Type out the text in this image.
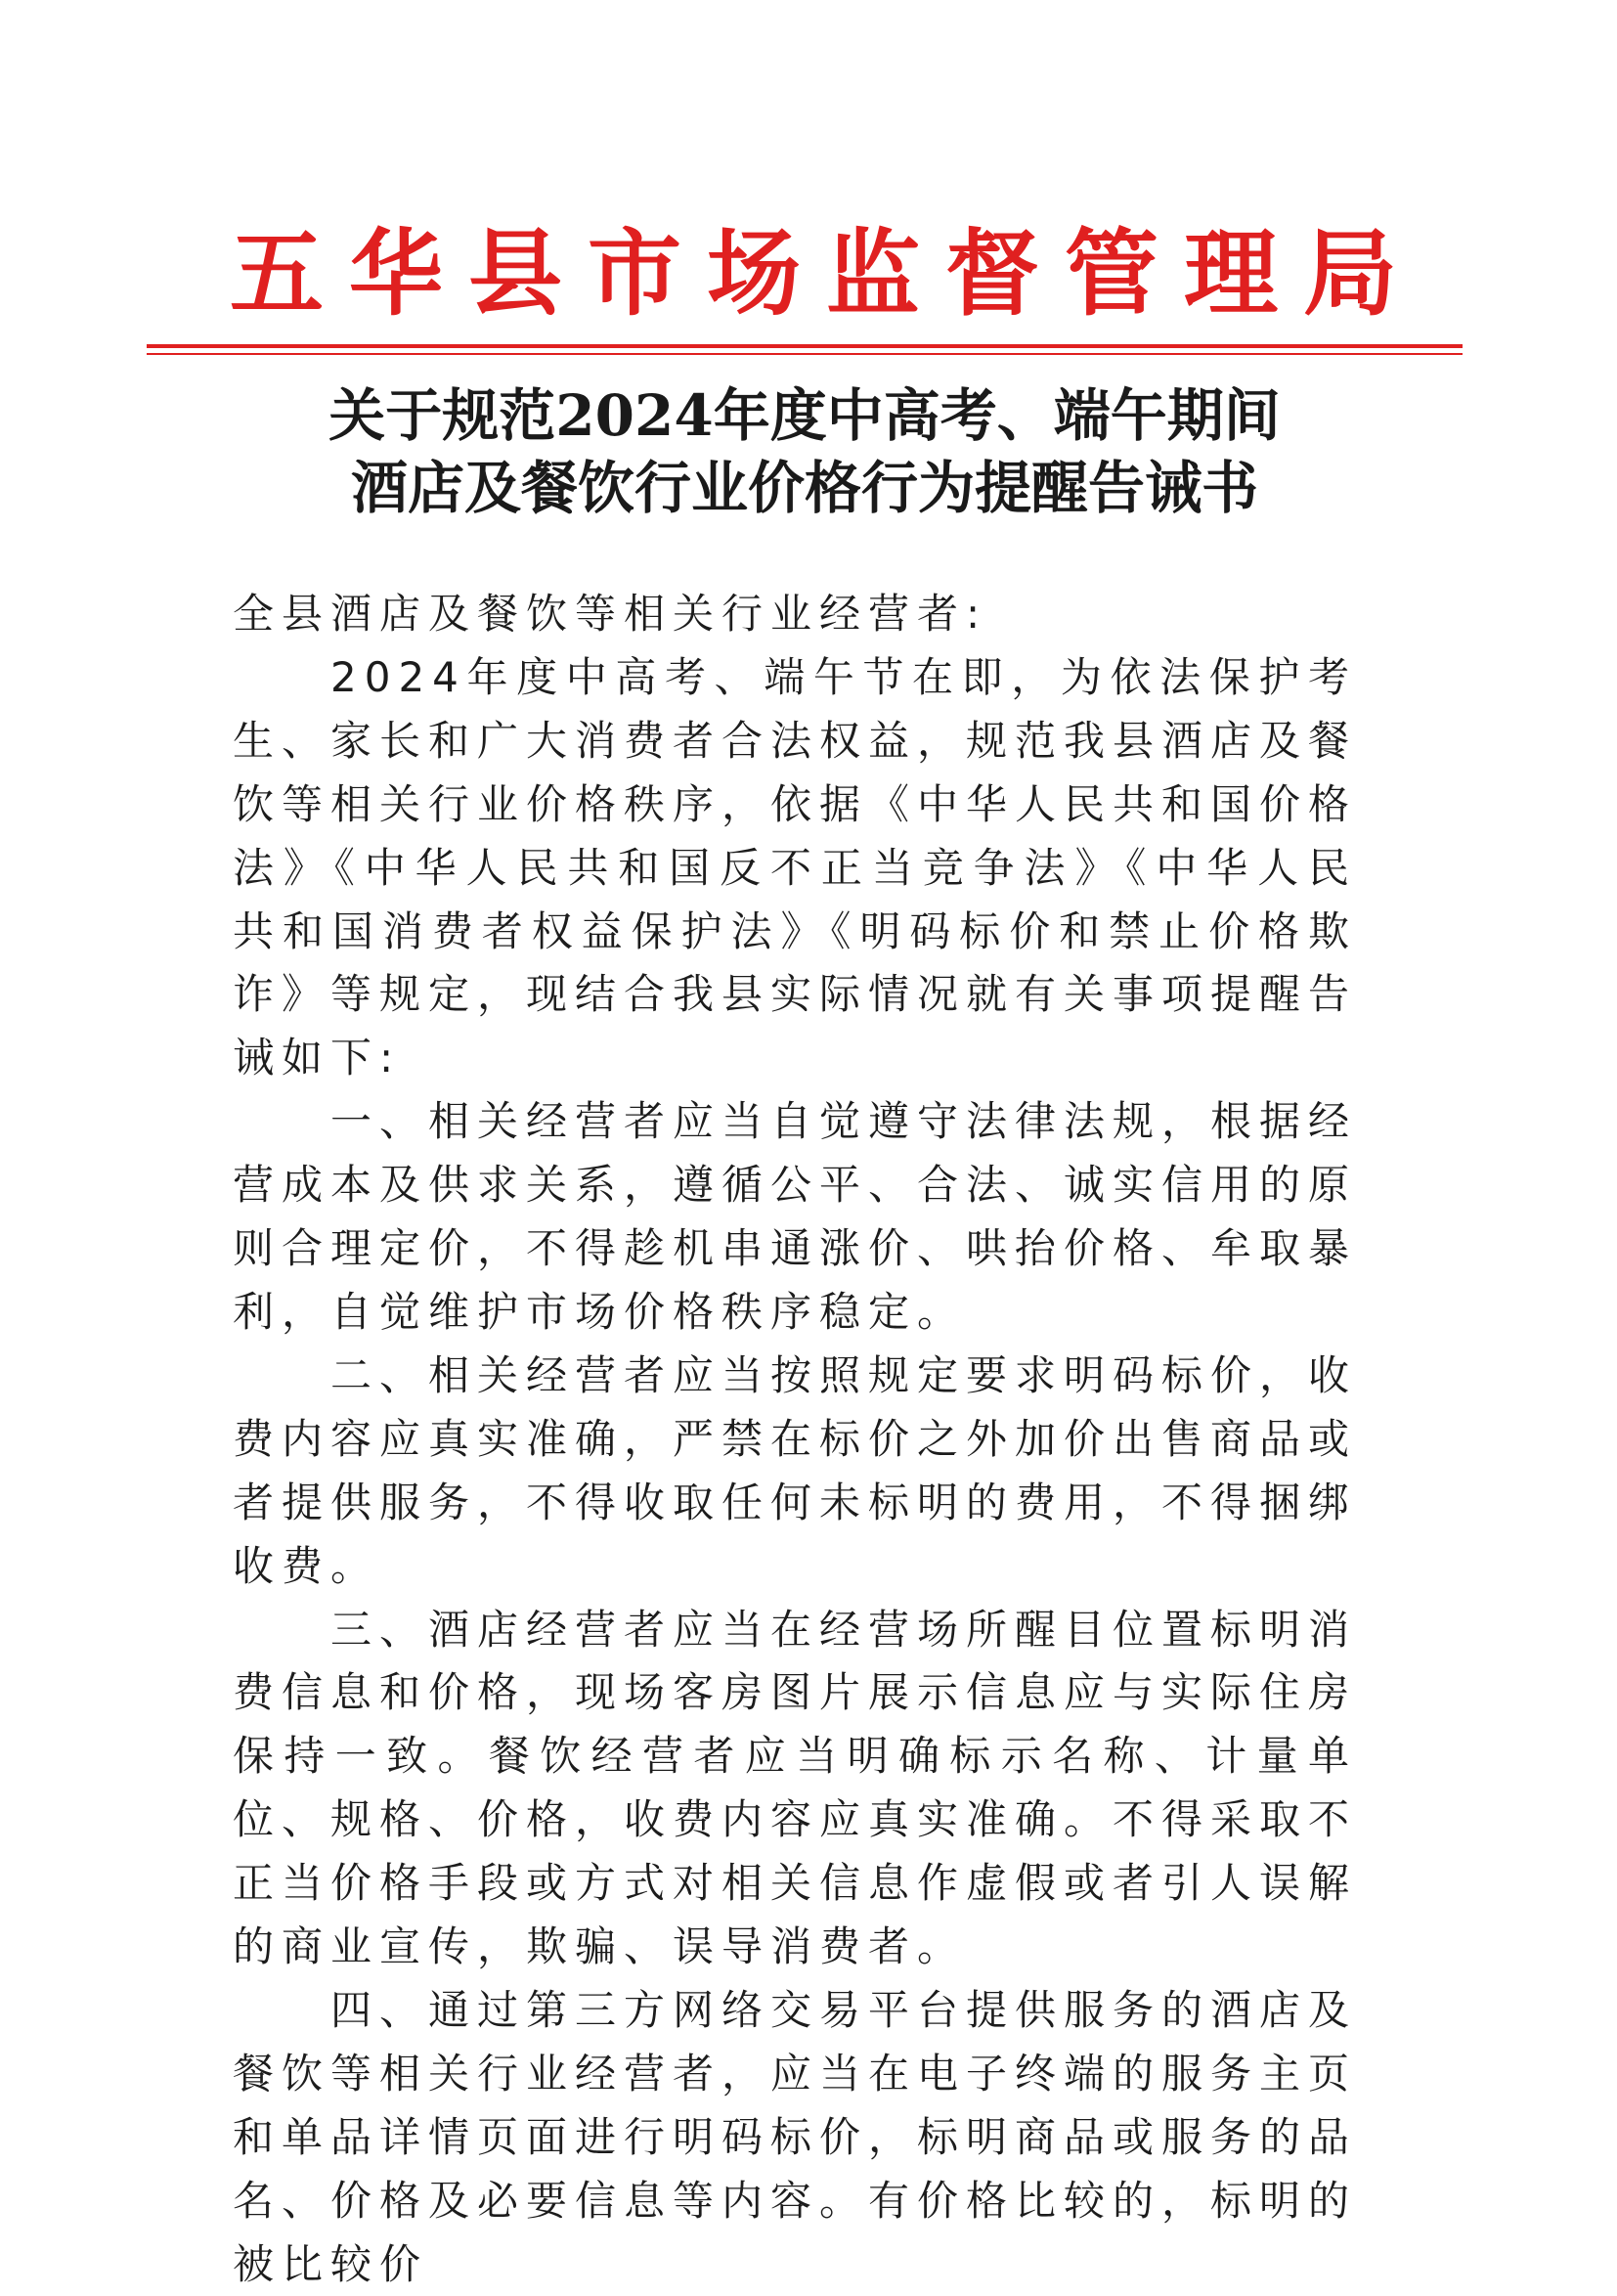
五华县市场监督管理局
关于规范2024年度中高考、端午期间
酒店及餐饮行业价格行为提醒告诫书

全县酒店及餐饮等相关行业经营者:

2024年度中高考、端午节在即，为依法保护考生、家长和广大消费者合法权益，规范我县酒店及餐饮等相关行业价格秩序，依据《中华人民共和国价格法》《中华人民共和国反不正当竞争法》《中华人民共和国消费者权益保护法》《明码标价和禁止价格欺诈》等规定，现结合我县实际情况就有关事项提醒告诫如下:

一、相关经营者应当自觉遵守法律法规，根据经营成本及供求关系，遵循公平、合法、诚实信用的原则合理定价，不得趁机串通涨价、哄抬价格、牟取暴利，自觉维护市场价格秩序稳定。

二、相关经营者应当按照规定要求明码标价，收费内容应真实准确，严禁在标价之外加价出售商品或者提供服务，不得收取任何未标明的费用，不得捆绑收费。

三、酒店经营者应当在经营场所醒目位置标明消费信息和价格，现场客房图片展示信息应与实际住房保持一致。餐饮经营者应当明确标示名称、计量单位、规格、价格，收费内容应真实准确。不得采取不正当价格手段或方式对相关信息作虚假或者引人误解的商业宣传，欺骗、误导消费者。

四、通过第三方网络交易平台提供服务的酒店及餐饮等相关行业经营者，应当在电子终端的服务主页和单品详情页面进行明码标价，标明商品或服务的品名、价格及必要信息等内容。有价格比较的，标明的被比较价
